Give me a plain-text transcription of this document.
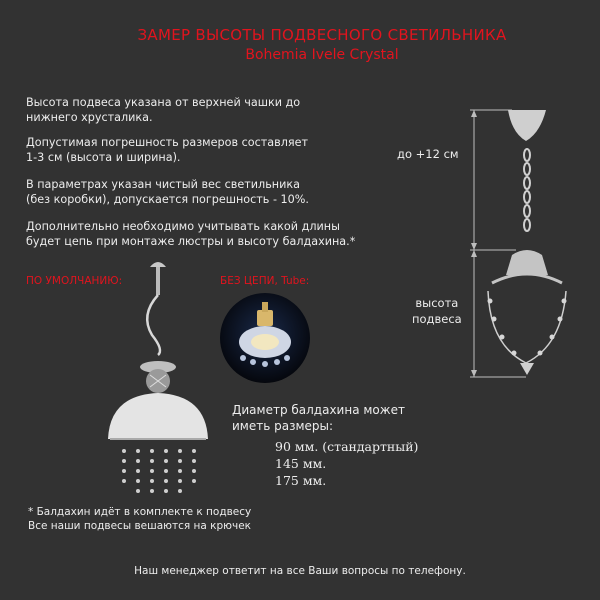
ЗАМЕР ВЫСОТЫ ПОДВЕСНОГО СВЕТИЛЬНИКА
Bohemia Ivele Crystal
Высота подвеса указана от верхней чашки до
нижнего хрусталика.
Допустимая погрешность размеров составляет
1-3 см (высота и ширина).
В параметрах указан чистый вес светильника
(без коробки), допускается погрешность - 10%.
Дополнительно необходимо учитывать какой длины
будет цепь при монтаже люстры и высоту балдахина.*
ПО УМОЛЧАНИЮ:	БЕЗ ЦЕПИ, Tube:
до +12 см
высота
подвеса
Диаметр балдахина может
иметь размеры:
90 мм. (стандартный)
145 мм.
175 мм.
* Балдахин идёт в комплекте к подвесу
Все наши подвесы вешаются на крючек
Наш менеджер ответит на все Ваши вопросы по телефону.
